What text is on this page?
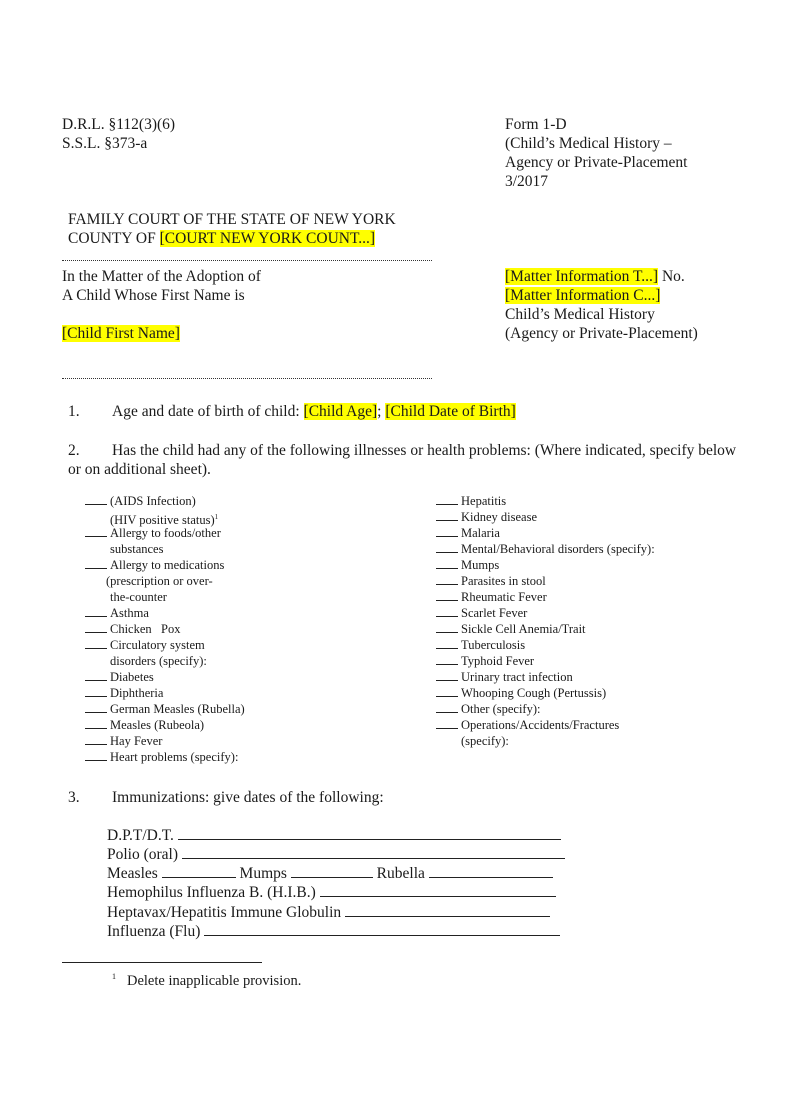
D.R.L. §112(3)(6)
S.S.L. §373-a
Form 1-D
(Child’s Medical History –
Agency or Private-Placement
3/2017
FAMILY COURT OF THE STATE OF NEW YORK
COUNTY OF [COURT NEW YORK COUNT...]
In the Matter of the Adoption of
A Child Whose First Name is
[Child First Name]
[Matter Information T...] No.
[Matter Information C...]
Child’s Medical History
(Agency or Private-Placement)
1. Age and date of birth of child: [Child Age]; [Child Date of Birth]
2. Has the child had any of the following illnesses or health problems: (Where indicated, specify below
or on additional sheet).
(AIDS Infection)
(HIV positive status)$^1$
Allergy to foods/other
substances
Allergy to medications
(prescription or over-
the-counter
Asthma
Chicken   Pox
Circulatory system
disorders (specify):
Diabetes
Diphtheria
German Measles (Rubella)
Measles (Rubeola)
Hay Fever
Heart problems (specify):
Hepatitis
Kidney disease
Malaria
Mental/Behavioral disorders (specify):
Mumps
Parasites in stool
Rheumatic Fever
Scarlet Fever
Sickle Cell Anemia/Trait
Tuberculosis
Typhoid Fever
Urinary tract infection
Whooping Cough (Pertussis)
Other (specify):
Operations/Accidents/Fractures
(specify):
3. Immunizations: give dates of the following:
D.P.T/D.T.
Polio (oral)
Measles	Mumps	Rubella
Hemophilus Influenza B. (H.I.B.)
Heptavax/Hepatitis Immune Globulin
Influenza (Flu)
1 Delete inapplicable provision.
